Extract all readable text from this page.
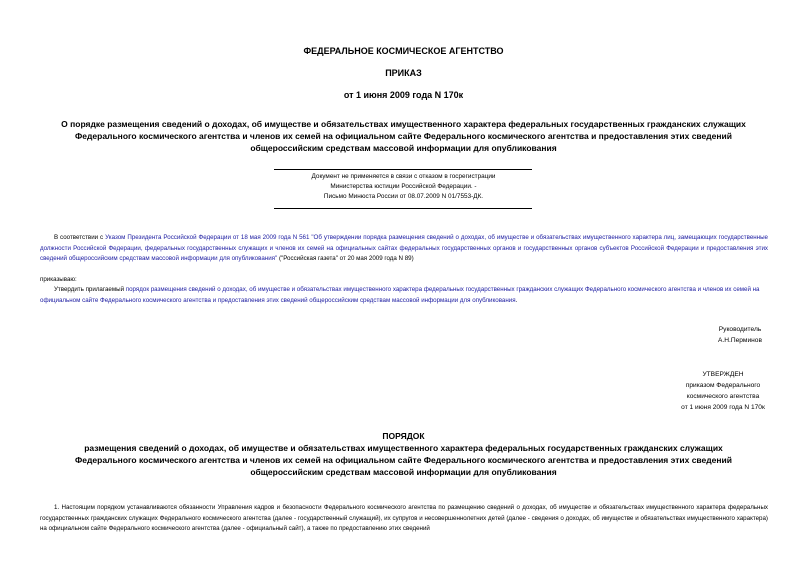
ФЕДЕРАЛЬНОЕ КОСМИЧЕСКОЕ АГЕНТСТВО
ПРИКАЗ
от 1 июня 2009 года N 170к
О порядке размещения сведений о доходах, об имуществе и обязательствах имущественного характера федеральных государственных гражданских служащих
Федерального космического агентства и членов их семей на официальном сайте Федерального космического агентства и предоставления этих сведений
общероссийским средствам массовой информации для опубликования
Документ не применяется в связи с отказом в госрегистрации
Министерства юстиции Российской Федерации. -
Письмо Минюста России от 08.07.2009 N 01/7553-ДК.
В соответствии с Указом Президента Российской Федерации от 18 мая 2009 года N 561 "Об утверждении порядка размещения сведений о доходах, об имуществе и обязательствах имущественного характера лиц, замещающих государственные должности Российской Федерации, федеральных государственных служащих и членов их семей на официальных сайтах федеральных государственных органов и государственных органов субъектов Российской Федерации и предоставления этих сведений общероссийским средствам массовой информации для опубликования" ("Российская газета" от 20 мая 2009 года N 89)
приказываю:
Утвердить прилагаемый порядок размещения сведений о доходах, об имуществе и обязательствах имущественного характера федеральных государственных гражданских служащих Федерального космического агентства и членов их семей на официальном сайте Федерального космического агентства и предоставления этих сведений общероссийским средствам массовой информации для опубликования.
Руководитель
А.Н.Перминов
УТВЕРЖДЕН
приказом Федерального
космического агентства
от 1 июня 2009 года N 170к
ПОРЯДОК
размещения сведений о доходах, об имуществе и обязательствах имущественного характера федеральных государственных гражданских служащих
Федерального космического агентства и членов их семей на официальном сайте Федерального космического агентства и предоставления этих сведений
общероссийским средствам массовой информации для опубликования
1. Настоящим порядком устанавливаются обязанности Управления кадров и безопасности Федерального космического агентства по размещению сведений о доходах, об имуществе и обязательствах имущественного характера федеральных государственных гражданских служащих Федерального космического агентства (далее - государственный служащий), их супругов и несовершеннолетних детей (далее - сведения о доходах, об имуществе и обязательствах имущественного характера) на официальном сайте Федерального космического агентства (далее - официальный сайт), а также по предоставлению этих сведений
